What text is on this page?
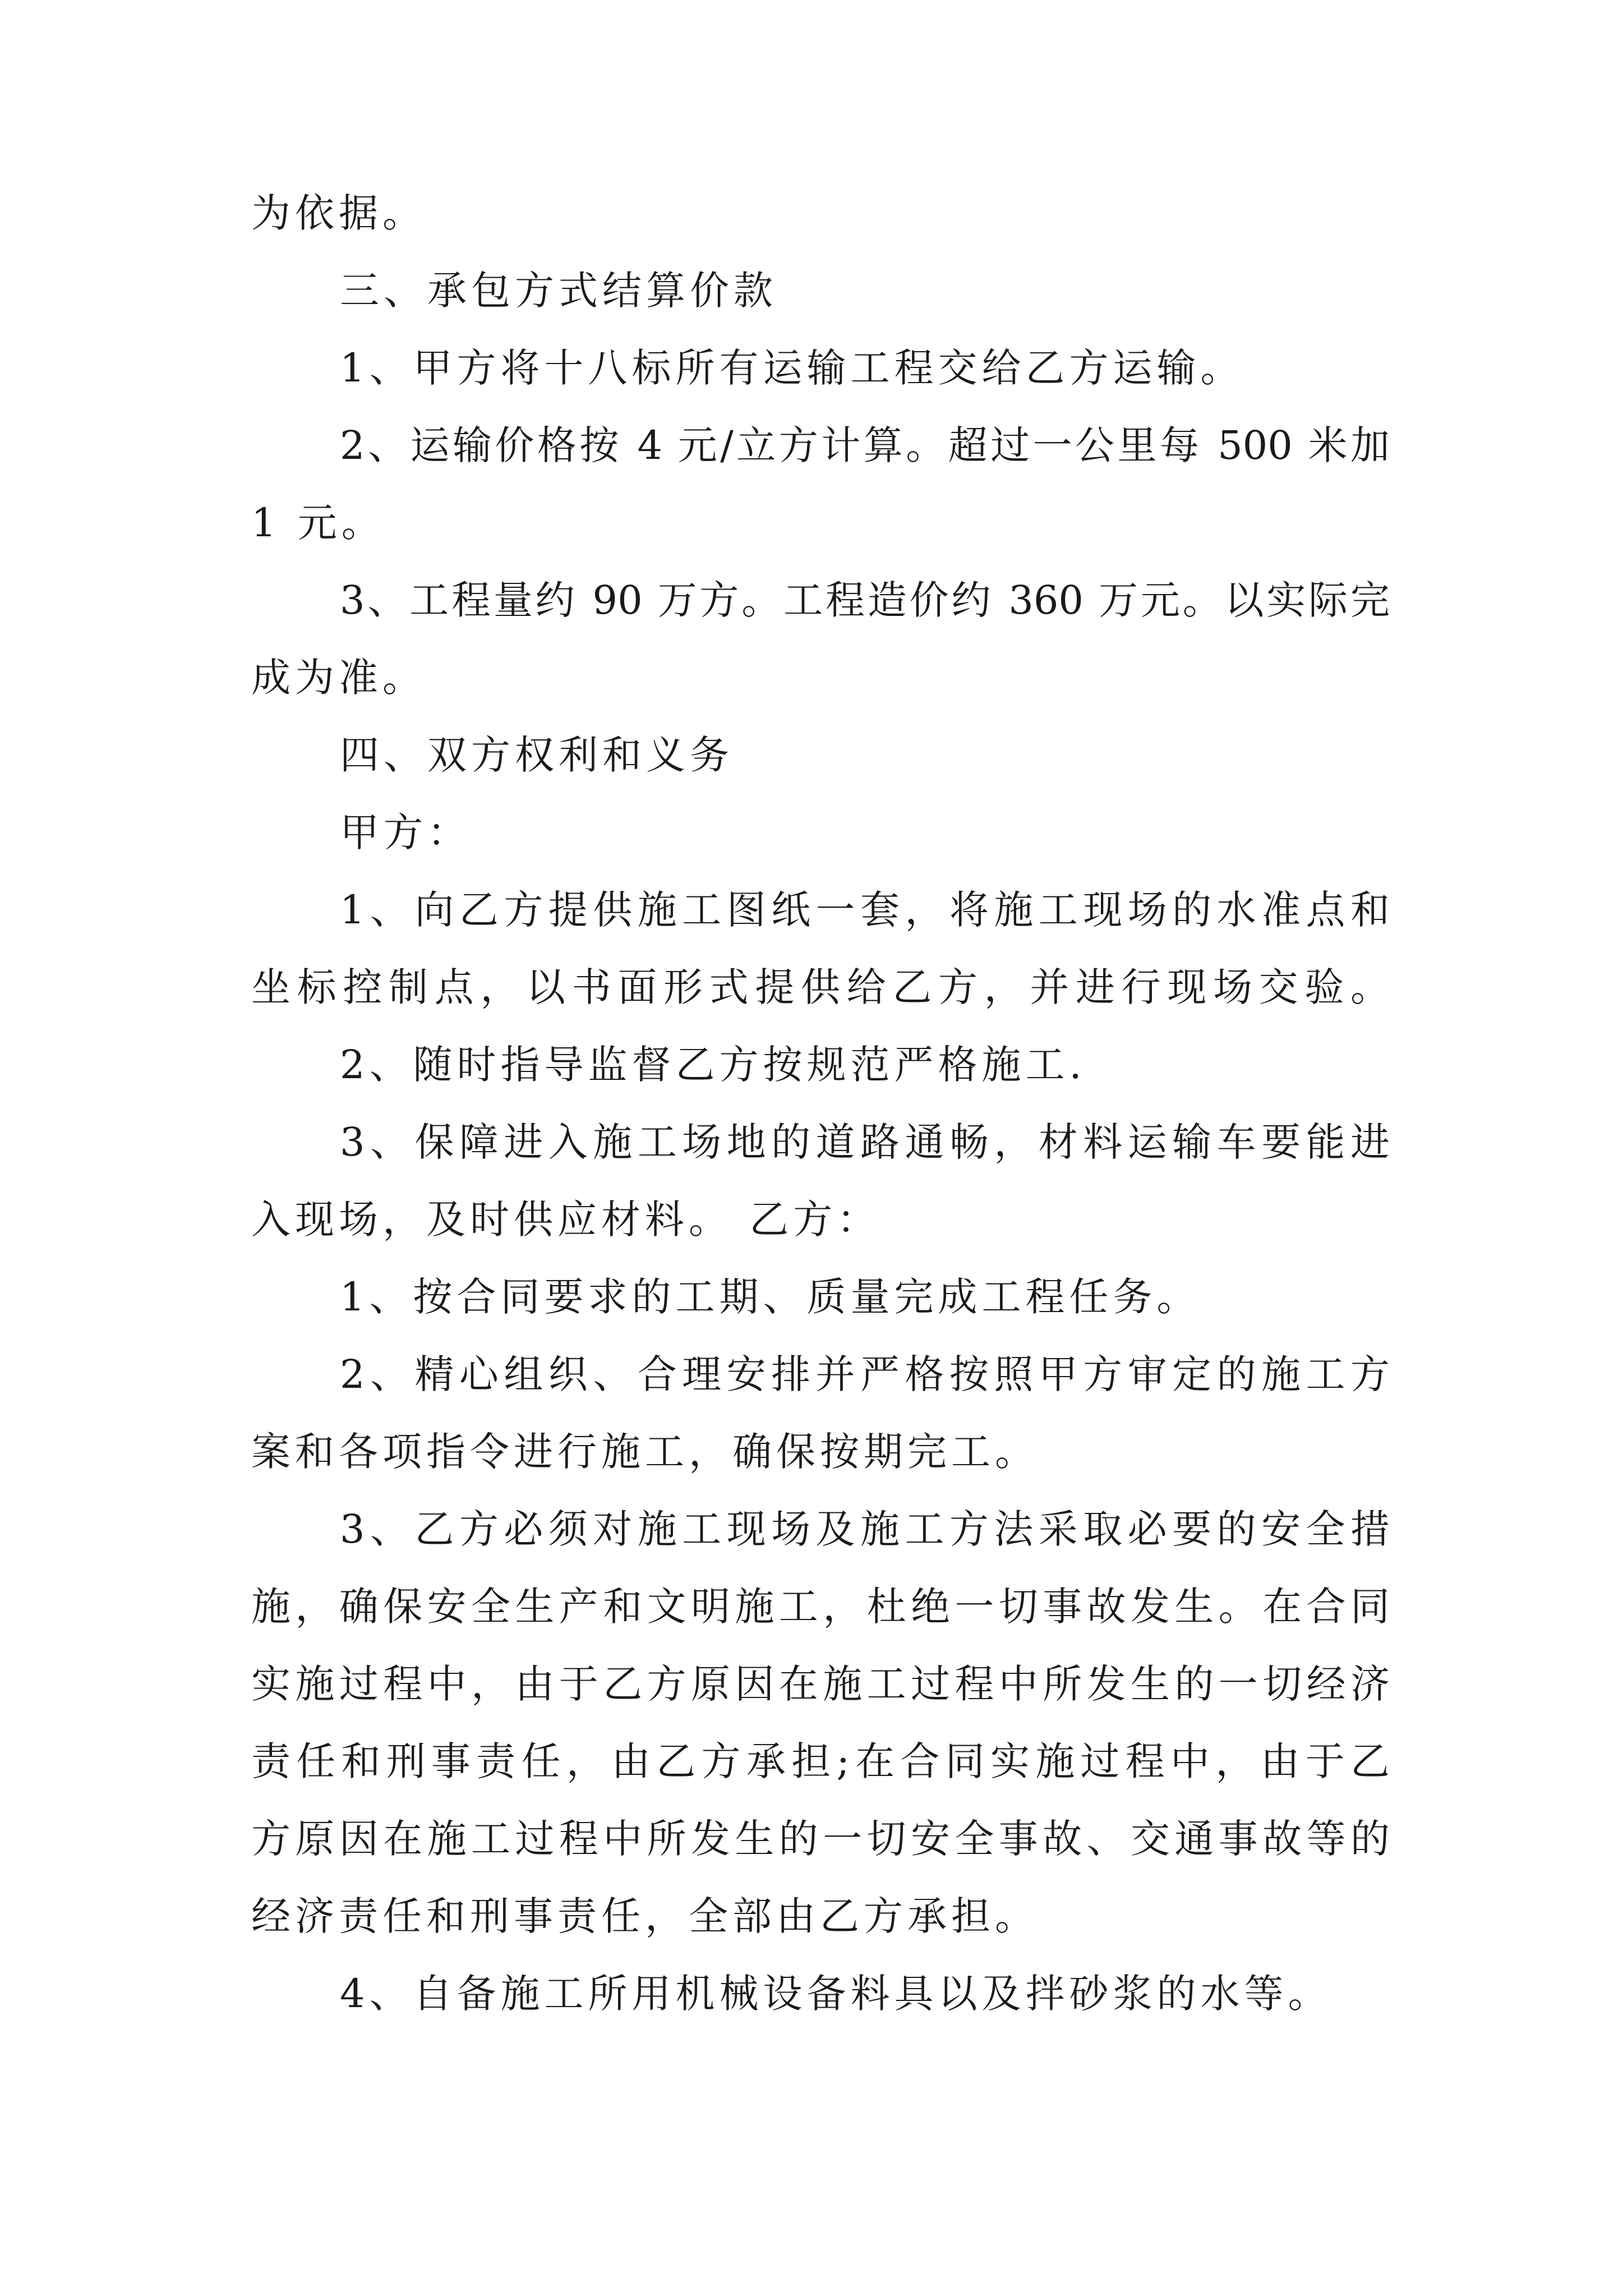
为依据。
三、承包方式结算价款
1、甲方将十八标所有运输工程交给乙方运输。
2、运输价格按 4 元/立方计算。超过一公里每 500 米加
1 元。
3、工程量约 90 万方。工程造价约 360 万元。以实际完
成为准。
四、双方权利和义务
甲方：
1、向乙方提供施工图纸一套，将施工现场的水准点和
坐标控制点，以书面形式提供给乙方，并进行现场交验。
2、随时指导监督乙方按规范严格施工.
3、保障进入施工场地的道路通畅，材料运输车要能进
入现场，及时供应材料。 乙方：
1、按合同要求的工期、质量完成工程任务。
2、精心组织、合理安排并严格按照甲方审定的施工方
案和各项指令进行施工，确保按期完工。
3、乙方必须对施工现场及施工方法采取必要的安全措
施，确保安全生产和文明施工，杜绝一切事故发生。在合同
实施过程中，由于乙方原因在施工过程中所发生的一切经济
责任和刑事责任，由乙方承担;在合同实施过程中，由于乙
方原因在施工过程中所发生的一切安全事故、交通事故等的
经济责任和刑事责任，全部由乙方承担。
4、自备施工所用机械设备料具以及拌砂浆的水等。
